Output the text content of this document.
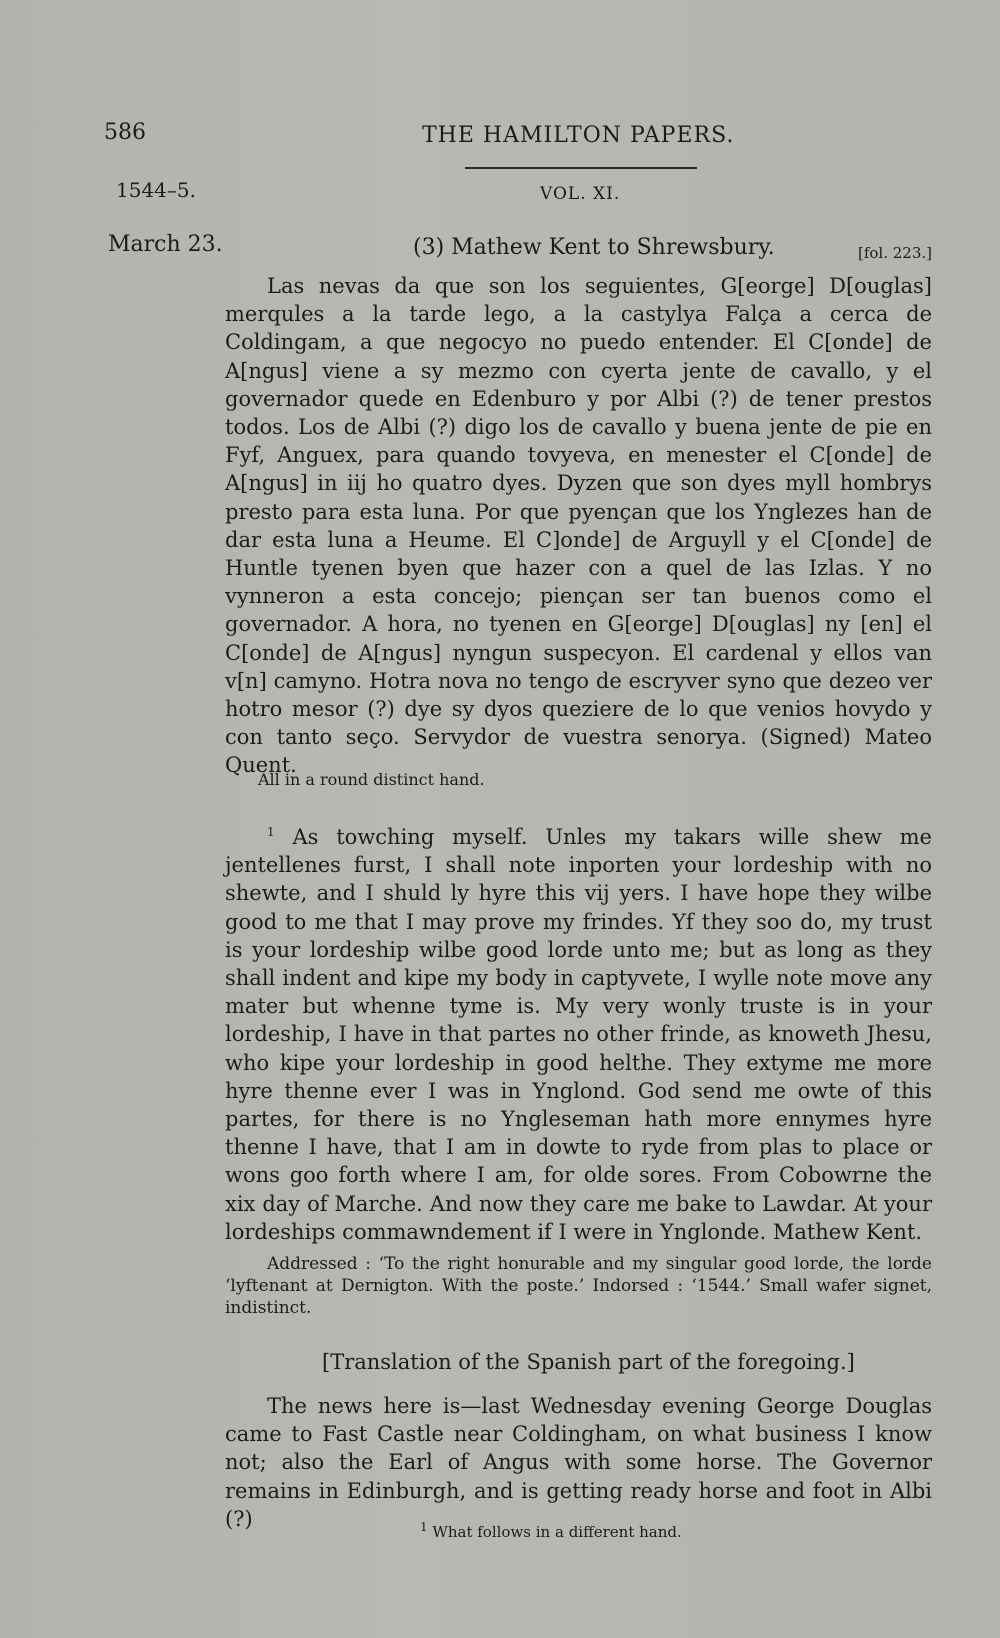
586	THE HAMILTON PAPERS.
1544–5.	VOL. XI.
March 23.	(3) Mathew Kent to Shrewsbury.	[fol. 223.]
Las nevas da que son los seguientes, G[eorge] D[ouglas] merqules a la tarde lego, a la castylya Falça a cerca de Coldingam, a que negocyo no puedo entender. El C[onde] de A[ngus] viene a sy mezmo con cyerta jente de cavallo, y el governador quede en Edenburo y por Albi (?) de tener prestos todos. Los de Albi (?) digo los de cavallo y buena jente de pie en Fyf, Anguex, para quando tovyeva, en menester el C[onde] de A[ngus] in iij ho quatro dyes. Dyzen que son dyes myll hombrys presto para esta luna. Por que pyençan que los Ynglezes han de dar esta luna a Heume. El C]onde] de Arguyll y el C[onde] de Huntle tyenen byen que hazer con a quel de las Izlas. Y no vynneron a esta concejo; piençan ser tan buenos como el governador. A hora, no tyenen en G[eorge] D[ouglas] ny [en] el C[onde] de A[ngus] nyngun suspecyon. El cardenal y ellos van v[n] camyno. Hotra nova no tengo de escryver syno que dezeo ver hotro mesor (?) dye sy dyos queziere de lo que venios hovydo y con tanto seço. Servydor de vuestra senorya. (Signed) Mateo Quent.
All in a round distinct hand.
$^1$ As towching myself. Unles my takars wille shew me jentellenes furst, I shall note inporten your lordeship with no shewte, and I shuld ly hyre this vij yers. I have hope they wilbe good to me that I may prove my frindes. Yf they soo do, my trust is your lordeship wilbe good lorde unto me; but as long as they shall indent and kipe my body in captyvete, I wylle note move any mater but whenne tyme is. My very wonly truste is in your lordeship, I have in that partes no other frinde, as knoweth Jhesu, who kipe your lordeship in good helthe. They extyme me more hyre thenne ever I was in Ynglond. God send me owte of this partes, for there is no Yngleseman hath more ennymes hyre thenne I have, that I am in dowte to ryde from plas to place or wons goo forth where I am, for olde sores. From Cobowrne the xix day of Marche. And now they care me bake to Lawdar. At your lordeships commawndement if I were in Ynglonde. Mathew Kent.
Addressed : ‘To the right honurable and my singular good lorde, the lorde ‘lyftenant at Dernigton. With the poste.’ Indorsed : ‘1544.’ Small wafer signet, indistinct.
[Translation of the Spanish part of the foregoing.]
The news here is—last Wednesday evening George Douglas came to Fast Castle near Coldingham, on what business I know not; also the Earl of Angus with some horse. The Governor remains in Edinburgh, and is getting ready horse and foot in Albi (?)	$^1$ What follows in a different hand.
